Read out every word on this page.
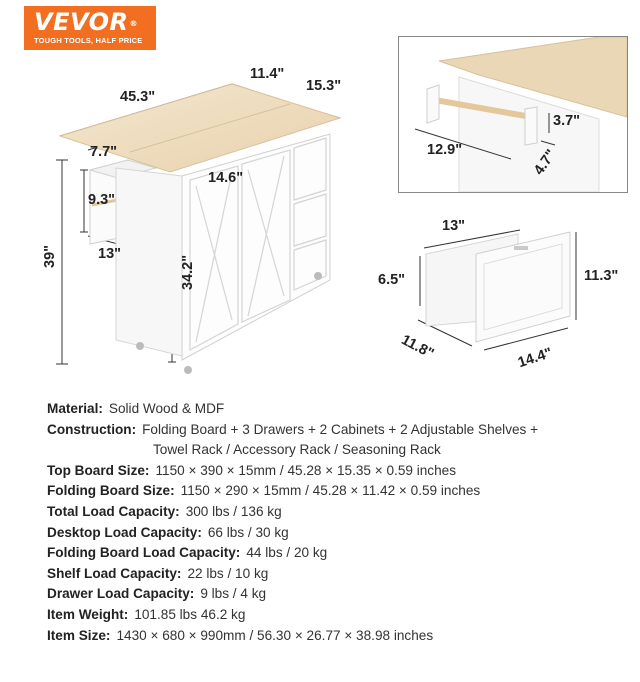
VEVOR®
TOUGH TOOLS, HALF PRICE
45.3"
11.4"
15.3"
7.7"
9.3"
13"
14.6"
39"	34.2"
12.9"
3.7"
4.7"
13"
6.5"	11.3"
11.8"	14.4"
Material: Solid Wood & MDF
Construction: Folding Board + 3 Drawers + 2 Cabinets + 2 Adjustable Shelves +
Towel Rack / Accessory Rack / Seasoning Rack
Top Board Size: 1150 × 390 × 15mm / 45.28 × 15.35 × 0.59 inches
Folding Board Size: 1150 × 290 × 15mm / 45.28 × 11.42 × 0.59 inches
Total Load Capacity: 300 lbs / 136 kg
Desktop Load Capacity: 66 lbs / 30 kg
Folding Board Load Capacity: 44 lbs / 20 kg
Shelf Load Capacity: 22 lbs / 10 kg
Drawer Load Capacity: 9 lbs / 4 kg
Item Weight: 101.85 lbs 46.2 kg
Item Size: 1430 × 680 × 990mm / 56.30 × 26.77 × 38.98 inches
